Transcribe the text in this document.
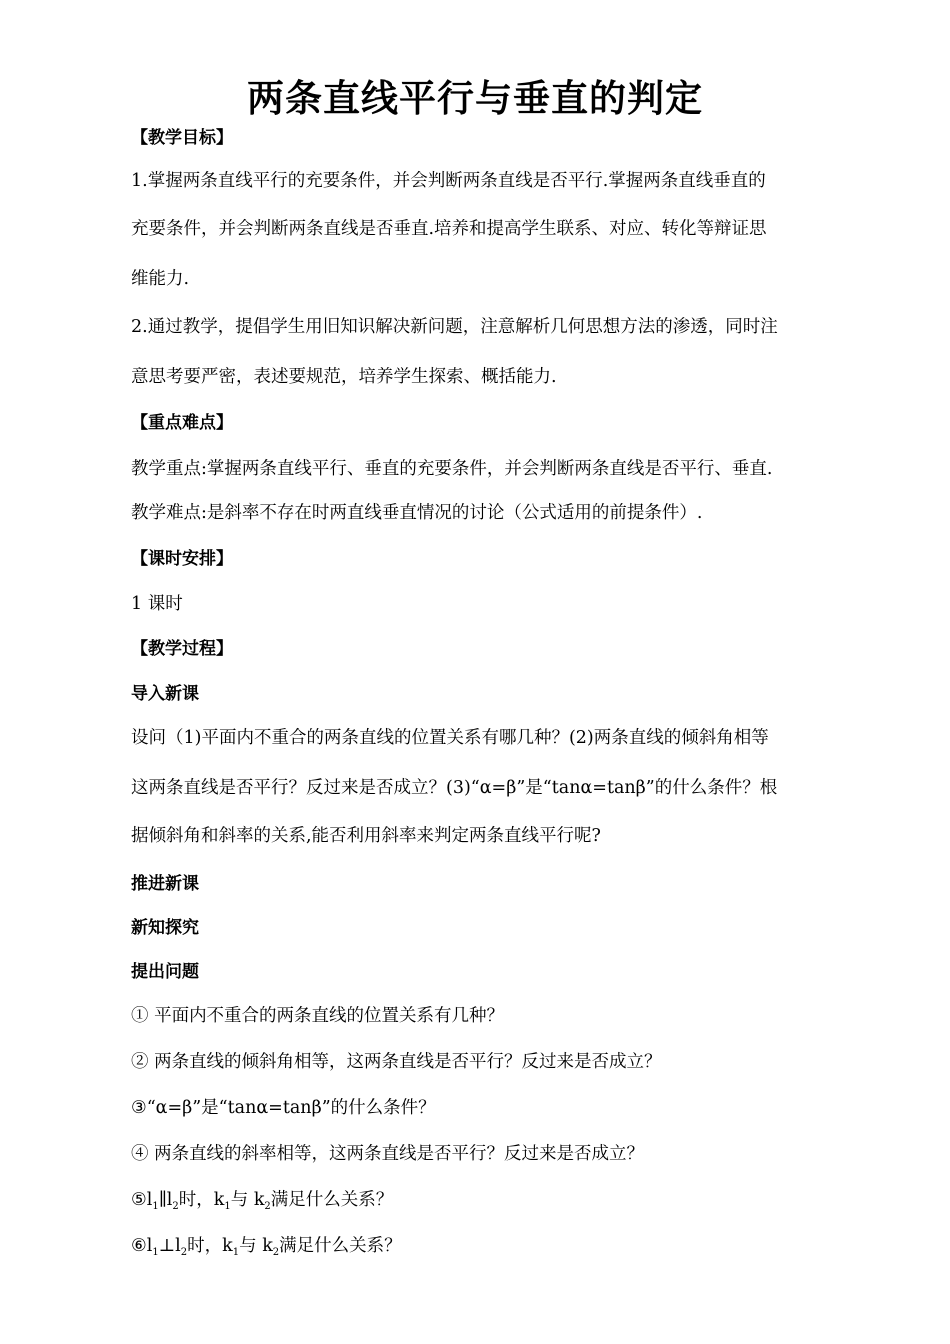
两条直线平行与垂直的判定
【教学目标】
1.掌握两条直线平行的充要条件，并会判断两条直线是否平行.掌握两条直线垂直的
充要条件，并会判断两条直线是否垂直.培养和提高学生联系、对应、转化等辩证思
维能力.
2.通过教学，提倡学生用旧知识解决新问题，注意解析几何思想方法的渗透，同时注
意思考要严密，表述要规范，培养学生探索、概括能力.
【重点难点】
教学重点:掌握两条直线平行、垂直的充要条件，并会判断两条直线是否平行、垂直.
教学难点:是斜率不存在时两直线垂直情况的讨论（公式适用的前提条件）.
【课时安排】
1 课时
【教学过程】
导入新课
设问（1)平面内不重合的两条直线的位置关系有哪几种？(2)两条直线的倾斜角相等
这两条直线是否平行？反过来是否成立？(3)“α=β”是“tanα=tanβ”的什么条件？根
据倾斜角和斜率的关系,能否利用斜率来判定两条直线平行呢?
推进新课
新知探究
提出问题
① 平面内不重合的两条直线的位置关系有几种？
② 两条直线的倾斜角相等，这两条直线是否平行？反过来是否成立？
③“α=β”是“tanα=tanβ”的什么条件？
④ 两条直线的斜率相等，这两条直线是否平行？反过来是否成立？
$⑤l_1\parallel l_2$时，$k_1$与 $k_2$满足什么关系？
$⑥l_1\perp l_2$时，$k_1$与 $k_2$满足什么关系？
